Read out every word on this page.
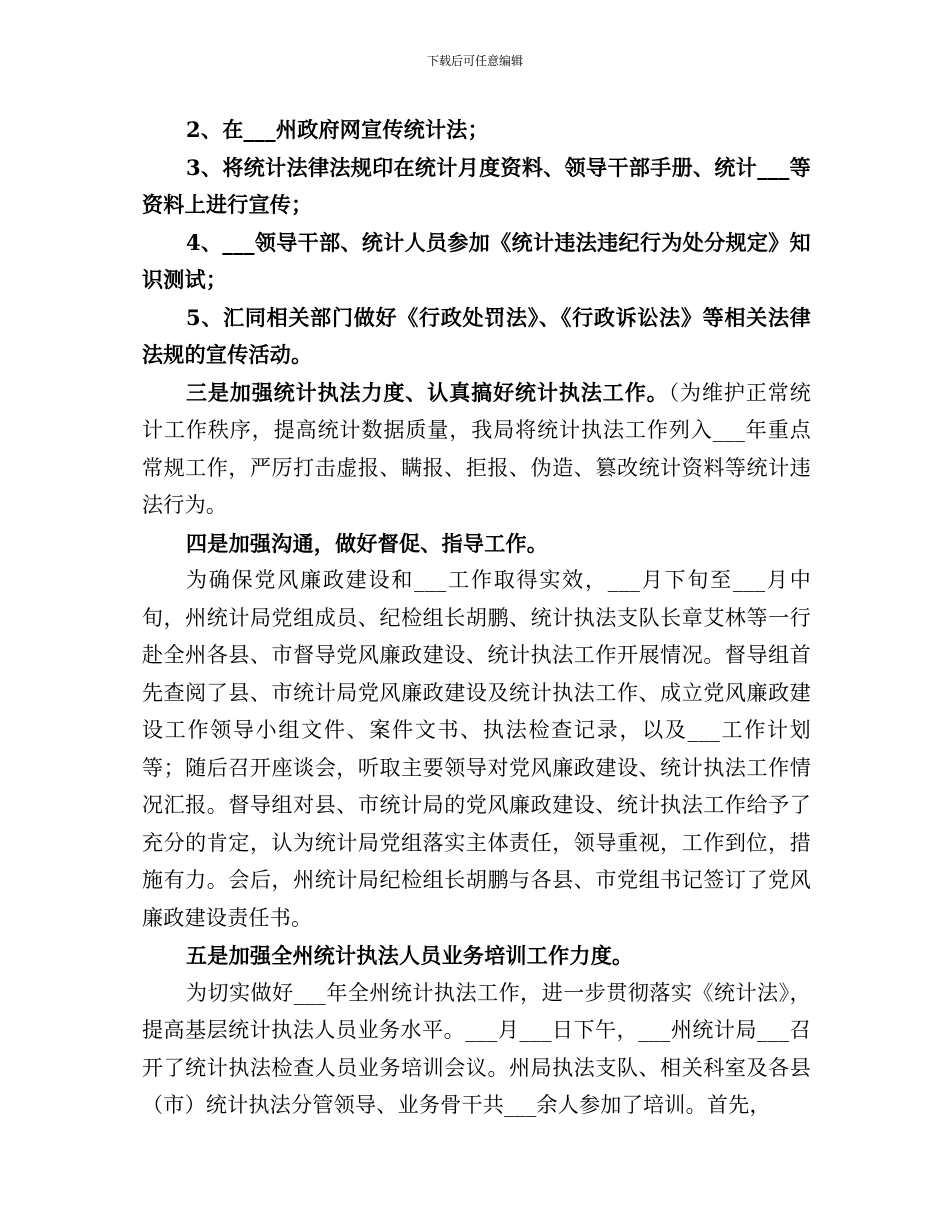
下载后可任意编辑

2、在___州政府网宣传统计法；

3、将统计法律法规印在统计月度资料、领导干部手册、统计___等资料上进行宣传；

4、___领导干部、统计人员参加《统计违法违纪行为处分规定》知识测试；

5、汇同相关部门做好《行政处罚法》、《行政诉讼法》等相关法律法规的宣传活动。

三是加强统计执法力度、认真搞好统计执法工作。（为维护正常统计工作秩序，提高统计数据质量，我局将统计执法工作列入___年重点常规工作，严厉打击虚报、瞒报、拒报、伪造、篡改统计资料等统计违法行为。

四是加强沟通，做好督促、指导工作。

为确保党风廉政建设和___工作取得实效，___月下旬至___月中旬，州统计局党组成员、纪检组长胡鹏、统计执法支队长章艾林等一行赴全州各县、市督导党风廉政建设、统计执法工作开展情况。督导组首先查阅了县、市统计局党风廉政建设及统计执法工作、成立党风廉政建设工作领导小组文件、案件文书、执法检查记录，以及___工作计划等；随后召开座谈会，听取主要领导对党风廉政建设、统计执法工作情况汇报。督导组对县、市统计局的党风廉政建设、统计执法工作给予了充分的肯定，认为统计局党组落实主体责任，领导重视，工作到位，措施有力。会后，州统计局纪检组长胡鹏与各县、市党组书记签订了党风廉政建设责任书。

五是加强全州统计执法人员业务培训工作力度。

为切实做好___年全州统计执法工作，进一步贯彻落实《统计法》，提高基层统计执法人员业务水平。___月___日下午，___州统计局___召开了统计执法检查人员业务培训会议。州局执法支队、相关科室及各县（市）统计执法分管领导、业务骨干共___余人参加了培训。首先，
